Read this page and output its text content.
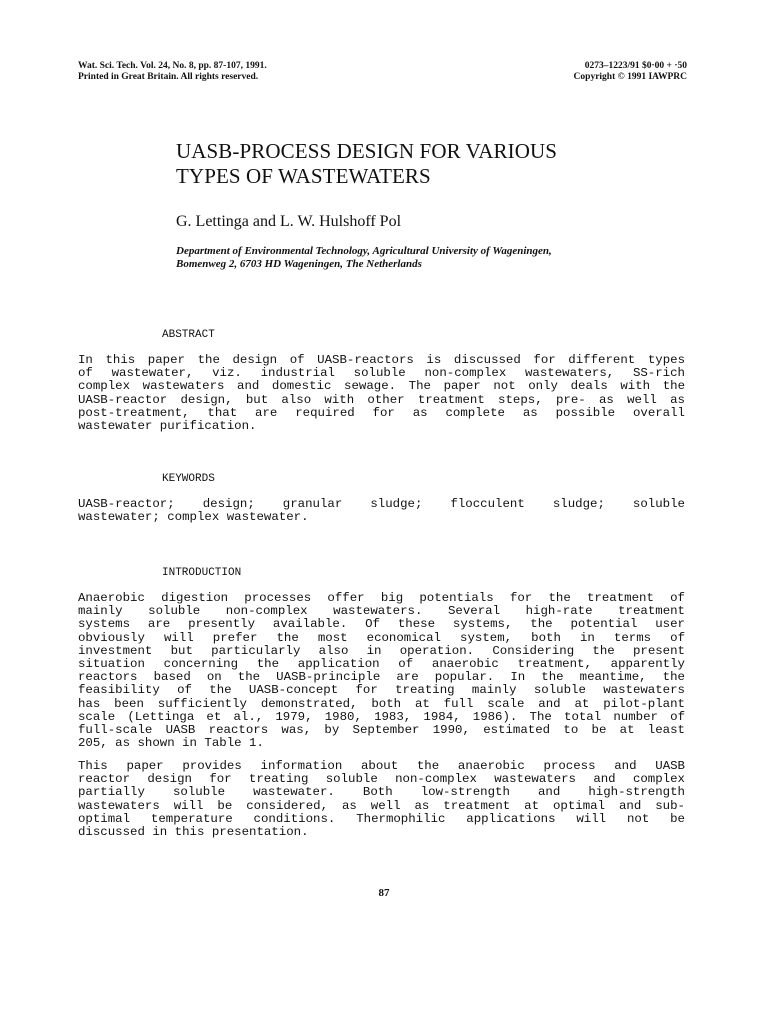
Wat. Sci. Tech. Vol. 24, No. 8, pp. 87-107, 1991.
Printed in Great Britain. All rights reserved.
0273–1223/91 $0·00 + ·50
Copyright © 1991 IAWPRC
UASB-PROCESS DESIGN FOR VARIOUS
TYPES OF WASTEWATERS
G. Lettinga and L. W. Hulshoff Pol
Department of Environmental Technology, Agricultural University of Wageningen,
Bomenweg 2, 6703 HD Wageningen, The Netherlands
ABSTRACT
In this paper the design of UASB-reactors is discussed for different types
of wastewater, viz. industrial soluble non-complex wastewaters, SS-rich
complex wastewaters and domestic sewage. The paper not only deals with the
UASB-reactor design, but also with other treatment steps, pre- as well as
post-treatment, that are required for as complete as possible overall
wastewater purification.
KEYWORDS
UASB-reactor; design; granular sludge; flocculent sludge; soluble
wastewater; complex wastewater.
INTRODUCTION
Anaerobic digestion processes offer big potentials for the treatment of
mainly soluble non-complex wastewaters. Several high-rate treatment
systems are presently available. Of these systems, the potential user
obviously will prefer the most economical system, both in terms of
investment but particularly also in operation. Considering the present
situation concerning the application of anaerobic treatment, apparently
reactors based on the UASB-principle are popular. In the meantime, the
feasibility of the UASB-concept for treating mainly soluble wastewaters
has been sufficiently demonstrated, both at full scale and at pilot-plant
scale (Lettinga et al., 1979, 1980, 1983, 1984, 1986). The total number of
full-scale UASB reactors was, by September 1990, estimated to be at least
205, as shown in Table 1.
This paper provides information about the anaerobic process and UASB
reactor design for treating soluble non-complex wastewaters and complex
partially soluble wastewater. Both low-strength and high-strength
wastewaters will be considered, as well as treatment at optimal and sub-
optimal temperature conditions. Thermophilic applications will not be
discussed in this presentation.
87
